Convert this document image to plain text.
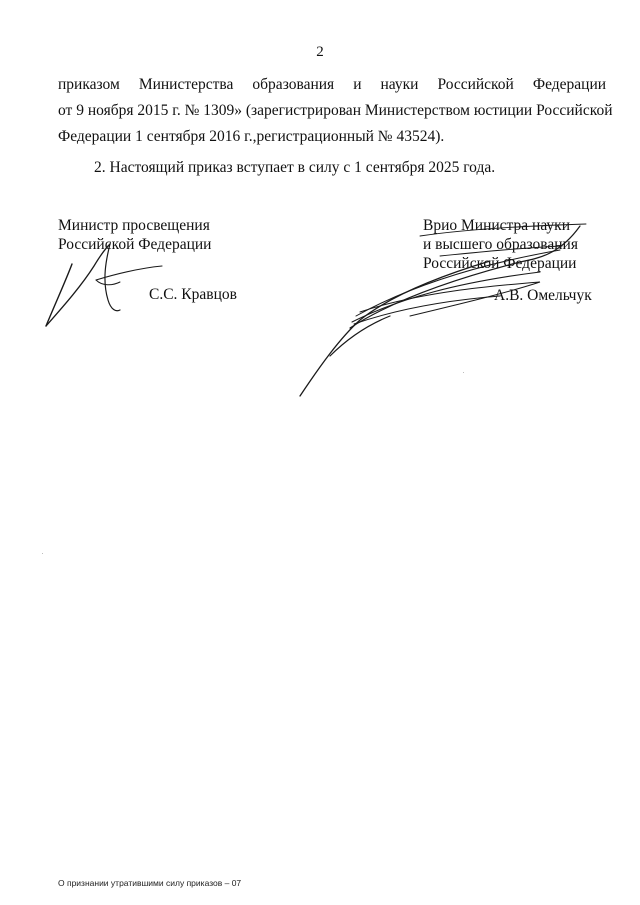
2
приказом Министерства образования и науки Российской Федерации
от 9 ноября 2015 г. № 1309» (зарегистрирован Министерством юстиции Российской
Федерации 1 сентября 2016 г.,регистрационный № 43524).
2. Настоящий приказ вступает в силу с 1 сентября 2025 года.
Министр просвещения
Российской Федерации
С.С. Кравцов
Врио Министра науки
и высшего образования
Российской Федерации
А.В. Омельчук
О признании утратившими силу приказов – 07
